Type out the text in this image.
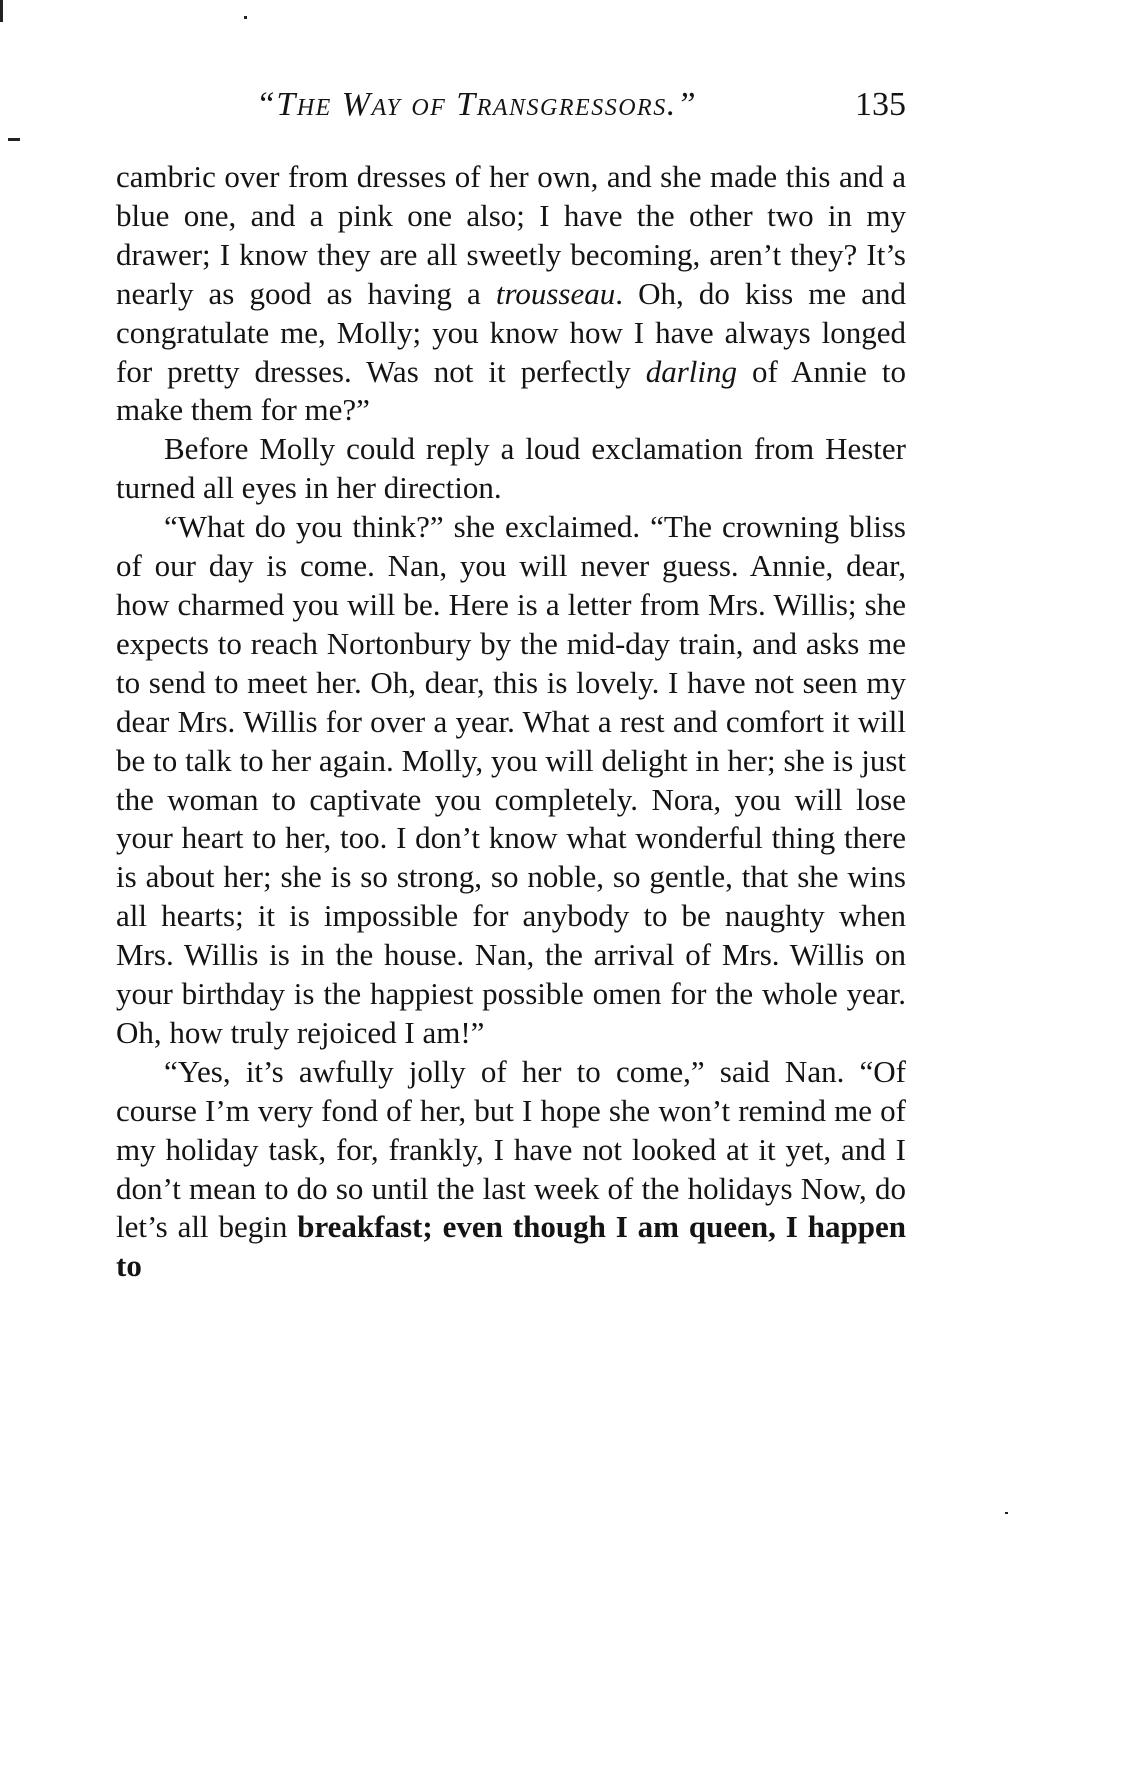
“The Way of Transgressors.”	135

cambric over from dresses of her own, and she made this and a blue one, and a pink one also; I have the other two in my drawer; I know they are all sweetly becoming, aren’t they? It’s nearly as good as having a trousseau. Oh, do kiss me and congratulate me, Molly; you know how I have always longed for pretty dresses. Was not it perfectly darling of Annie to make them for me?”

Before Molly could reply a loud exclamation from Hester turned all eyes in her direction.

“What do you think?” she exclaimed. “The crowning bliss of our day is come. Nan, you will never guess. Annie, dear, how charmed you will be. Here is a letter from Mrs. Willis; she expects to reach Nortonbury by the mid-day train, and asks me to send to meet her. Oh, dear, this is lovely. I have not seen my dear Mrs. Willis for over a year. What a rest and comfort it will be to talk to her again. Molly, you will delight in her; she is just the woman to captivate you completely. Nora, you will lose your heart to her, too. I don’t know what wonderful thing there is about her; she is so strong, so noble, so gentle, that she wins all hearts; it is impossible for anybody to be naughty when Mrs. Willis is in the house. Nan, the arrival of Mrs. Willis on your birthday is the happiest possible omen for the whole year. Oh, how truly rejoiced I am!”

“Yes, it’s awfully jolly of her to come,” said Nan. “Of course I’m very fond of her, but I hope she won’t remind me of my holiday task, for, frankly, I have not looked at it yet, and I don’t mean to do so until the last week of the holidays Now, do let’s all begin breakfast; even though I am queen, I happen to
